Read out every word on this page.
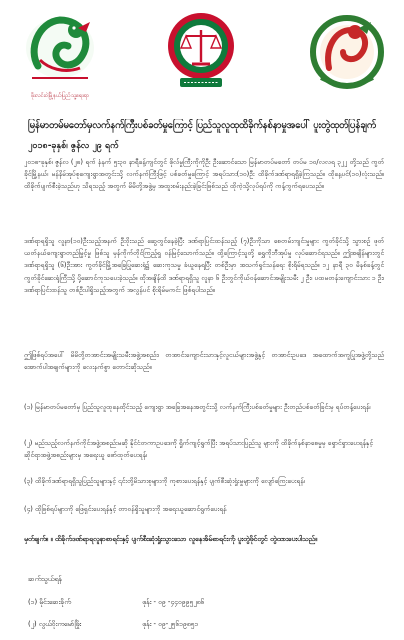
ဖိုးလင်းဝဲမြို့နယ်ပြည်သူ့ရေးရာ
မြန်မာတမ်မတော်မှလက်နက်ကြီးပစ်ခတ်မှုကြောင့် ပြည်သူလူထုထိခိုက်နစ်နာမှုအပေါ် ပူးတွဲထုတ်ပြန်ချက်
၂၀၁၈-ခုနှစ်၊ ဇွန်လ ၂၉ ရက်

၂၀၁၈-ခုနှစ်၊ ဇွန်လ (၂၈) ရက် နံနက် ၅း၃၀ နာရီခန့်ကျင်တွင် ဖိုလ်မှုကြီးကိုကိုဦး ဦးဆောင်သော မြန်မာတပ်မတော် တပ်မ ၁၀/လလရ ၃၂၂ တို့သည် ကွတ်ခိုင်မြို့နယ်၊ မန်နိမ်အုပ်စုကျေးရွာအတွင်းသို့ လက်နက်ကြီးဖြင့် ပစ်ခတ်မှုကြောင့် အရပ်သား(၁၀)ဦး ထိခိုက်ဒဏ်ရာရရှိခဲ့ကြသည်။ ထိုနေ့ပင်(၁၀)လုံးသည်။ ထိခိုက်ပျက်စီးခဲ့သည်ဟု သိရသည့် အတွက် မိမိတို့အဖွဲ့မှ အထူးစမ်းနည်းခဲ့ခြင်းဖြစ်သည် ထိုကဲ့သို့လုပ်ရပ်ကို ကန့်ကွက်ရပေသည်။

ဒဏ်ရာရရှိသူ လူနာ(၁၀)ဦးသည့်အနက် ဦးဝိုးသည် ဆွေတွင်နေခဲ့ပြီး ဒဏ်ရာပြင်းထန်သည့် (၇)ဦးကိုသာ စေတမ်းကျင်းမှုများ ကွတ်ခိုင်သို့ သွားစဉ် ဖုတ်ယတ်နယ်ကျေးရွာတည်မြှင့်မှု ဖြစ်သူ မှန်ကိုက်တိုင်ကြည့်ရှု ဝန်မြင့်သောက်သည်။ ထို့ကြောင့်သူတို့ ရွှေကိုဘီအုပ်မှု လုပ်ဆောင်ရသည်။ ဤအချိန်များတွင် ဒဏ်ရာရရှိသူ (၆)ဦးအား ကွတ်ခိုင်မြို့အခြေပြုဆေးရုံ၌ ဆေးကုသမှု ခံယူနေရပြီး တစ်ဦးမှာ အသက်ရှင်သန်ရေး စိုးရိမ်ရသည်။ ၁၂ နာရီ ၃၀ မိနစ်ခန့်တွင် ကွတ်ခိုင်ဆေးရုံကြီးသို့ ပို့ဆောင်ကုသပေးခဲ့သည်။ ထိုအချိန်ထိ ဒဏ်ရာရရှိသူ လူနာ ၆ ဦးတွင်ကိုယ်ဝန်ဆောင်အမျိုးသမီး ၂ ဦး၊ ပထမတန်းကျောင်းသား ၁ ဦး၊ ဒဏ်ရာပြင်းထန်သူ တစ်ဦးပါရှိသည့်အတွက် အလွန်ပင် စိုးရိမ်မကင်း ဖြစ်ရပါသည်။

ဤဖြစ်ရပ်အပေါ် မိမိတို့တအာင်းအမျိုးသမီးအဖွဲ့အစည်း၊ တအာင်းကျောင်းသားနှင့်လူငယ်များအဖွဲ့နှင့် တအာင်းဥပဒေ အထောက်အကူပြုအဖွဲ့တို့သည် အောက်ပါအချက်များကို လေးနက်စွာ တောင်းဆိုသည်။

(၁) မြန်မာတပ်မတော်မှ ပြည်သူလူထုနေထိုင်သည့် ကျေးရွာ အခြေအနေအတွင်းသို့ လက်နက်ကြီးပစ်ခတ်မှုများ ဦးတည်ပစ်ခတ်ခြင်းမှ ရပ်တန့်ပေးရန်၊

(၂) မည်သည့်လက်နက်ကိုင်အဖွဲ့အစည်းမဆို နိုင်ငံတကာဥပဒေကို ရှိုက်ကျင့်ရွက်ပြီး အရပ်သားပြည်သူ များကို ထိခိုက်နစ်နာစေမှုမှ ရှောင်ရှားပေးရန်နှင့် ဆိုင်ရာအဖွဲ့အစည်းများမှ အရေးယူ ဖော်ထုတ်ပေးရန်၊

(၃) ထိခိုက်ဒဏ်ရာရရှိသူပြည်သူများနှင့် ၎င်းတို့မိသားစုများကို ကုစားပေးရန်နှင့် ပျက်စီးဆုံးရှုံးမှုများကို လျော်ကြေးပေးရန်၊

(၄) ထိုဖြစ်ရပ်များကို ဖြေရှင်းပေးရန်နှင့် တာဝန်ရှိသူများကို အရေးယူဆောင်ရွက်ပေးရန်

မှတ်ချက်။ ။ ထိခိုက်ဒဏ်ရာရလူနာစာရင်းနှင့် ပျက်စီးဆုံးရှုံးသွားသော လူနေအိမ်စာရင်းကို ပူးတွဲဖိုင်တွင် တွဲထားပေးပါသည်။
ဆက်သွယ်ရန်
(၁) မိုင်းဆေးခိုက်	ဖုန်း - ၀၉ -၄၄၀၉၉၅၂၈၆
(၂) လွယ်ဝိုးကမော်ဖြိုး	ဖုန်း - ၀၉-၂၅၆၁၉၈၅၁
